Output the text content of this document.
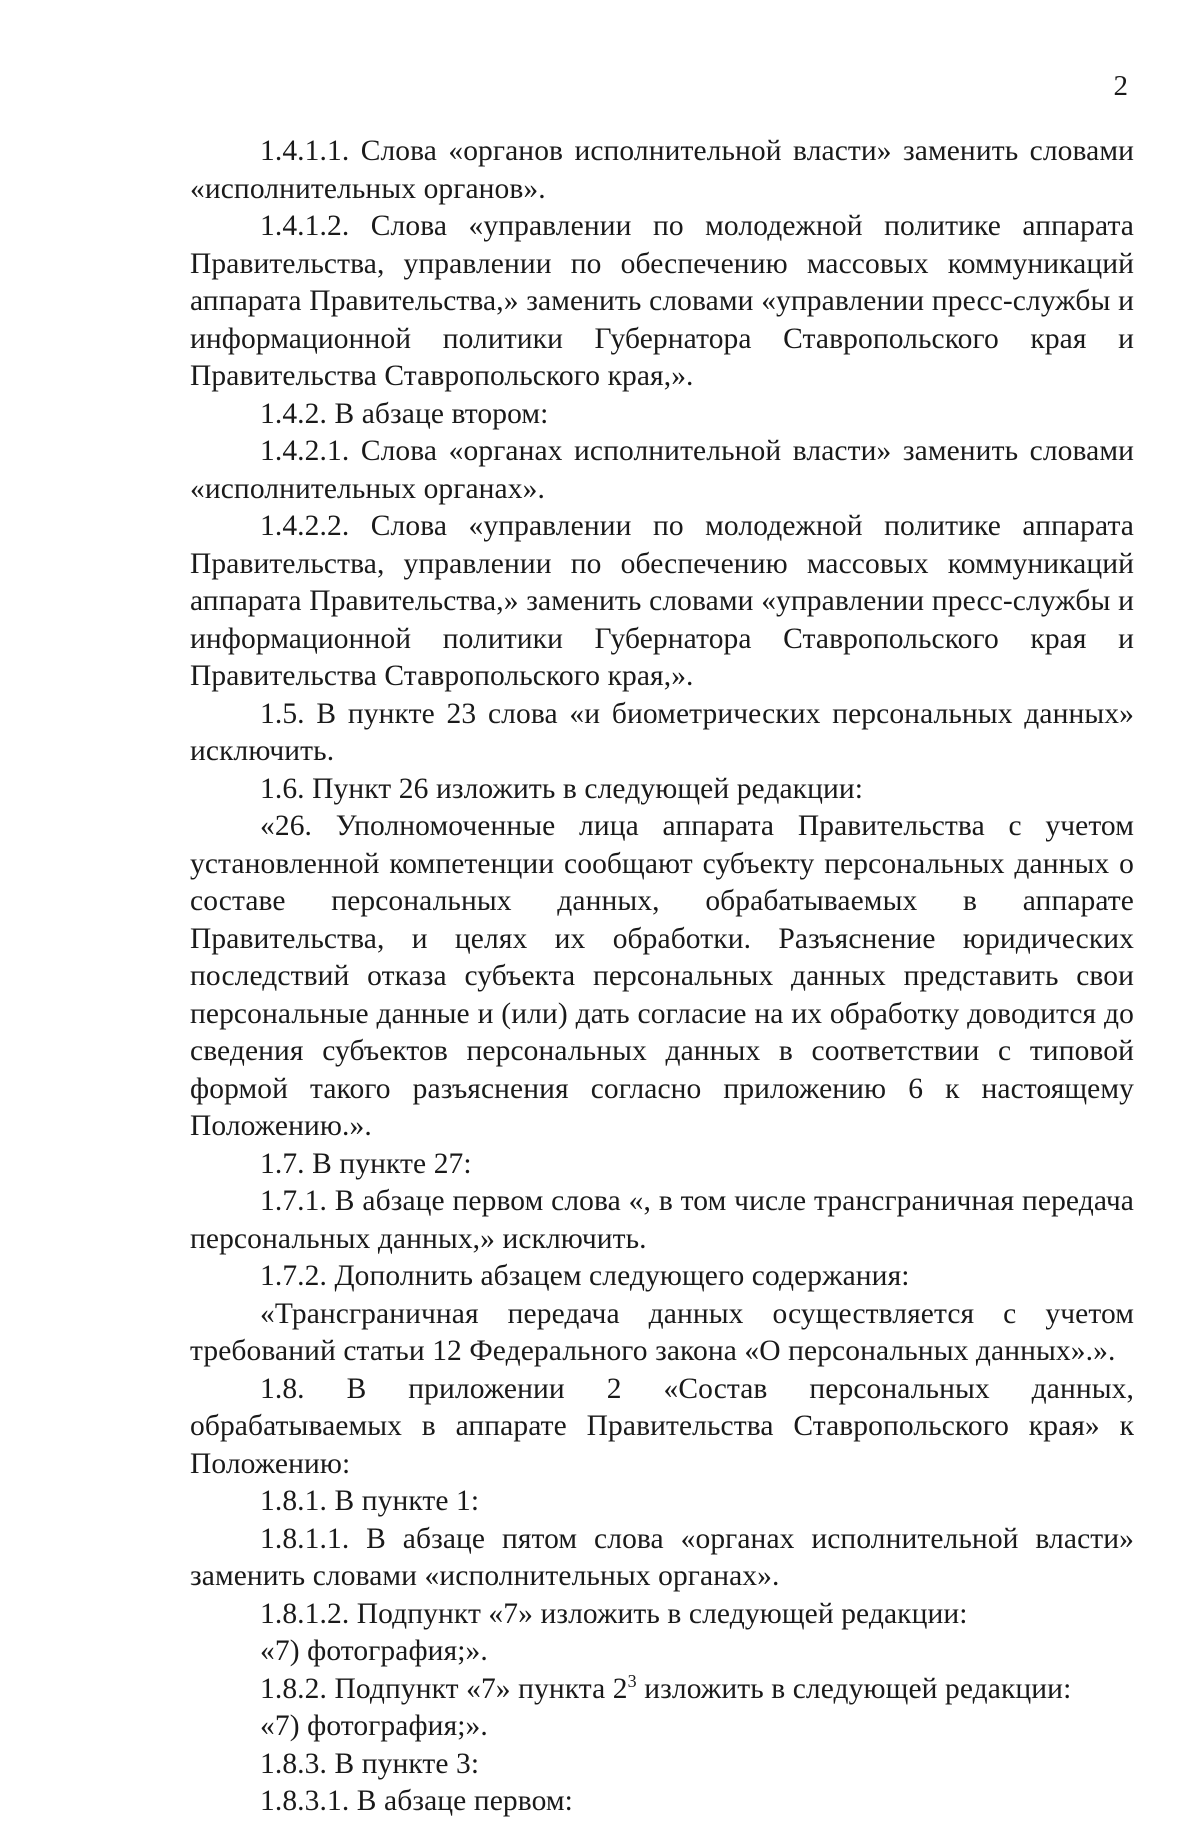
2

1.4.1.1. Слова «органов исполнительной власти» заменить словами «исполнительных органов».

1.4.1.2. Слова «управлении по молодежной политике аппарата Правительства, управлении по обеспечению массовых коммуникаций аппарата Правительства,» заменить словами «управлении пресс-службы и информационной политики Губернатора Ставропольского края и Правительства Ставропольского края,».

1.4.2. В абзаце втором:

1.4.2.1. Слова «органах исполнительной власти» заменить словами «исполнительных органах».

1.4.2.2. Слова «управлении по молодежной политике аппарата Правительства, управлении по обеспечению массовых коммуникаций аппарата Правительства,» заменить словами «управлении пресс-службы и информационной политики Губернатора Ставропольского края и Правительства Ставропольского края,».

1.5. В пункте 23 слова «и биометрических персональных данных» исключить.

1.6. Пункт 26 изложить в следующей редакции:

«26. Уполномоченные лица аппарата Правительства с учетом установленной компетенции сообщают субъекту персональных данных о составе персональных данных, обрабатываемых в аппарате Правительства, и целях их обработки. Разъяснение юридических последствий отказа субъекта персональных данных представить свои персональные данные и (или) дать согласие на их обработку доводится до сведения субъектов персональных данных в соответствии с типовой формой такого разъяснения согласно приложению 6 к настоящему Положению.».

1.7. В пункте 27:

1.7.1. В абзаце первом слова «, в том числе трансграничная передача персональных данных,» исключить.

1.7.2. Дополнить абзацем следующего содержания:

«Трансграничная передача данных осуществляется с учетом требований статьи 12 Федерального закона «О персональных данных».».

1.8. В приложении 2 «Состав персональных данных, обрабатываемых в аппарате Правительства Ставропольского края» к Положению:

1.8.1. В пункте 1:

1.8.1.1. В абзаце пятом слова «органах исполнительной власти» заменить словами «исполнительных органах».

1.8.1.2. Подпункт «7» изложить в следующей редакции:

«7) фотография;».

1.8.2. Подпункт «7» пункта $2^3$ изложить в следующей редакции:

«7) фотография;».

1.8.3. В пункте 3:

1.8.3.1. В абзаце первом:
